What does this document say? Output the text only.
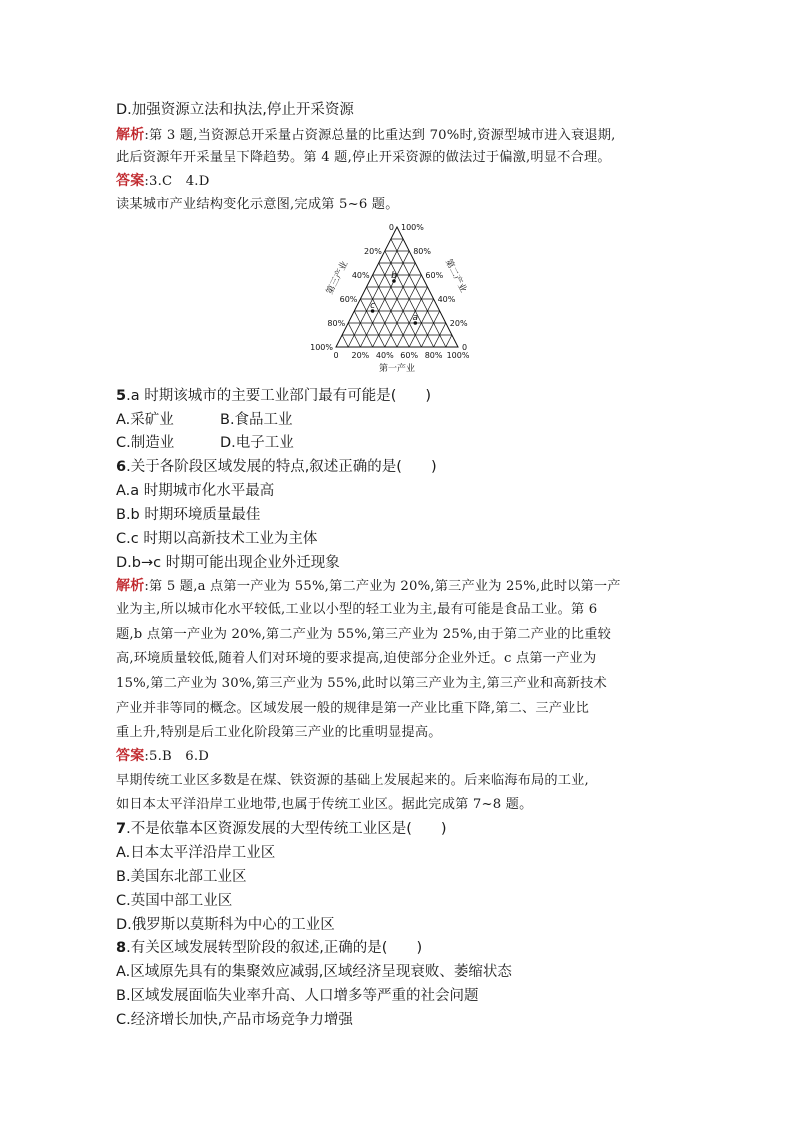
D.加强资源立法和执法,停止开采资源
解析:第 3 题,当资源总开采量占资源总量的比重达到 70%时,资源型城市进入衰退期,
此后资源年开采量呈下降趋势。第 4 题,停止开采资源的做法过于偏激,明显不合理。
答案:3.C　4.D
读某城市产业结构变化示意图,完成第 5~6 题。
0 20% 40% 60% 80% 100%
0
20%
40%
60%
80%
100%
0
20%
40%
60%
80%
100%
第一产业
第二产业
第三产业
a
b
c
5.a 时期该城市的主要工业部门最有可能是(　　)
A.采矿业	B.食品工业
C.制造业	D.电子工业
6.关于各阶段区域发展的特点,叙述正确的是(　　)
A.a 时期城市化水平最高
B.b 时期环境质量最佳
C.c 时期以高新技术工业为主体
D.b→c 时期可能出现企业外迁现象
解析:第 5 题,a 点第一产业为 55%,第二产业为 20%,第三产业为 25%,此时以第一产
业为主,所以城市化水平较低,工业以小型的轻工业为主,最有可能是食品工业。第 6
题,b 点第一产业为 20%,第二产业为 55%,第三产业为 25%,由于第二产业的比重较
高,环境质量较低,随着人们对环境的要求提高,迫使部分企业外迁。c 点第一产业为
15%,第二产业为 30%,第三产业为 55%,此时以第三产业为主,第三产业和高新技术
产业并非等同的概念。区域发展一般的规律是第一产业比重下降,第二、三产业比
重上升,特别是后工业化阶段第三产业的比重明显提高。
答案:5.B　6.D
早期传统工业区多数是在煤、铁资源的基础上发展起来的。后来临海布局的工业,
如日本太平洋沿岸工业地带,也属于传统工业区。据此完成第 7~8 题。
7.不是依靠本区资源发展的大型传统工业区是(　　)
A.日本太平洋沿岸工业区
B.美国东北部工业区
C.英国中部工业区
D.俄罗斯以莫斯科为中心的工业区
8.有关区域发展转型阶段的叙述,正确的是(　　)
A.区域原先具有的集聚效应减弱,区域经济呈现衰败、萎缩状态
B.区域发展面临失业率升高、人口增多等严重的社会问题
C.经济增长加快,产品市场竞争力增强
